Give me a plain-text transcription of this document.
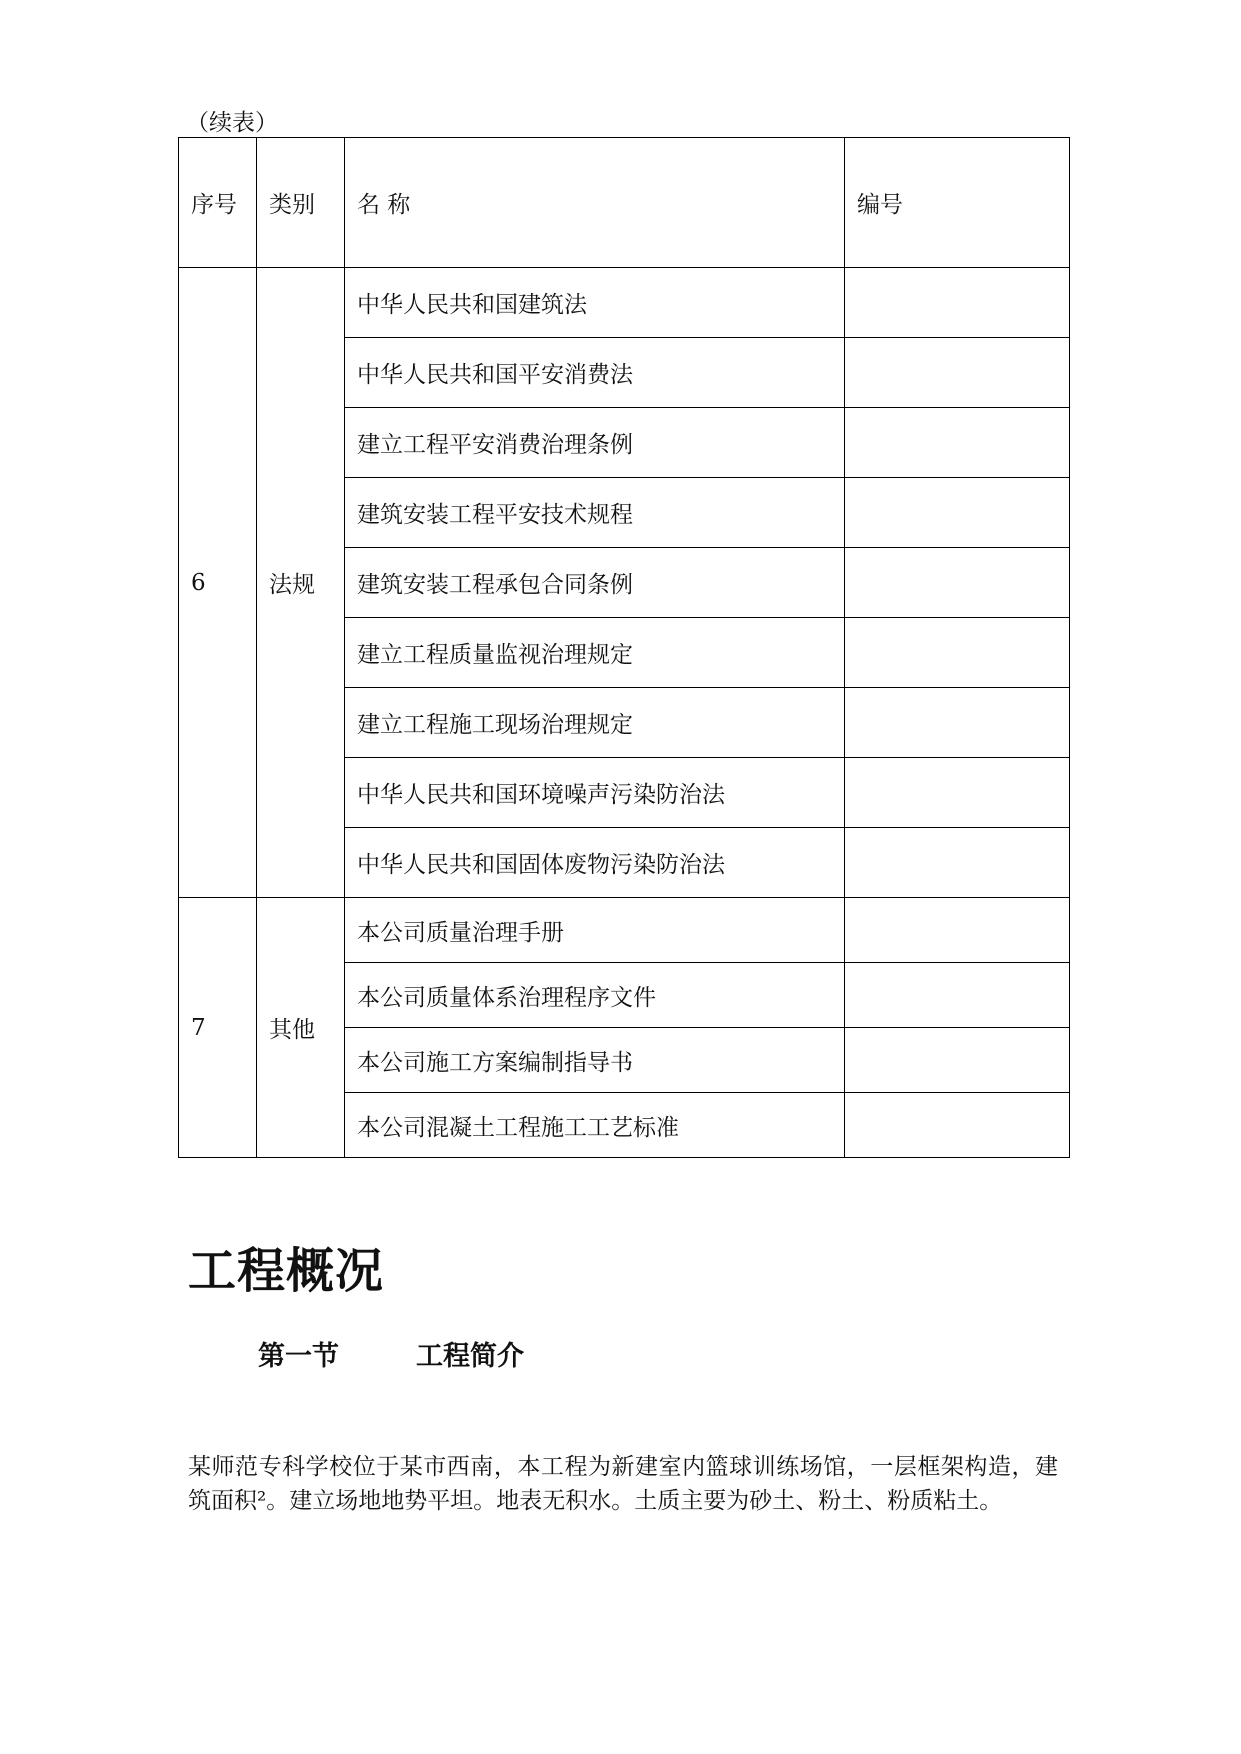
（续表）
序号	类别	名 称	编号
6	法规	中华人民共和国建筑法	
		中华人民共和国平安消费法	
		建立工程平安消费治理条例	
		建筑安装工程平安技术规程	
		建筑安装工程承包合同条例	
		建立工程质量监视治理规定	
		建立工程施工现场治理规定	
		中华人民共和国环境噪声污染防治法	
		中华人民共和国固体废物污染防治法	
7	其他	本公司质量治理手册	
		本公司质量体系治理程序文件	
		本公司施工方案编制指导书	
		本公司混凝土工程施工工艺标准	
工程概况
第一节	工程简介

某师范专科学校位于某市西南，本工程为新建室内篮球训练场馆，一层框架构造，建筑面积²。建立场地地势平坦。地表无积水。土质主要为砂土、粉土、粉质粘土。
